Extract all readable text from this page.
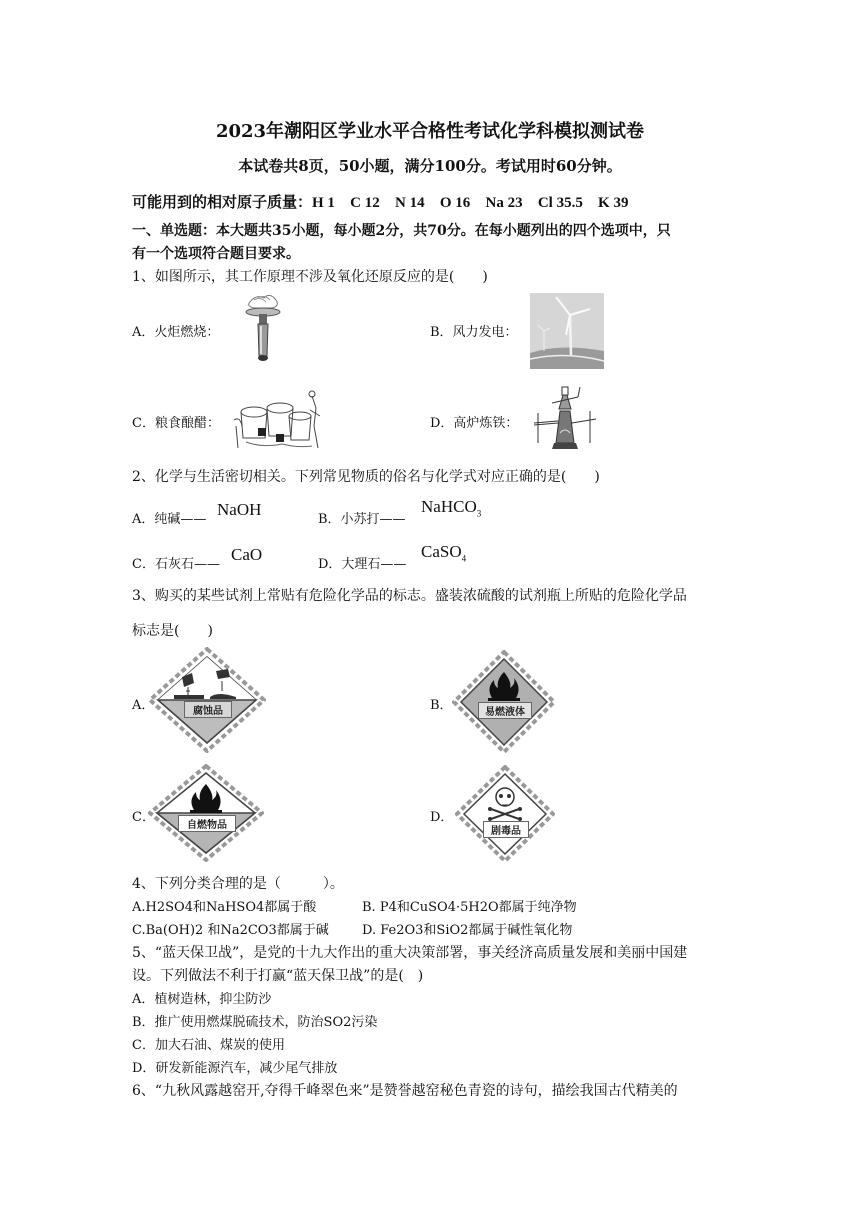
2023年潮阳区学业水平合格性考试化学科模拟测试卷
本试卷共8页，50小题，满分100分。考试用时60分钟。
可能用到的相对原子质量：H 1 C 12 N 14 O 16 Na 23 Cl 35.5 K 39
一、单选题：本大题共35小题，每小题2分，共70分。在每小题列出的四个选项中，只
有一个选项符合题目要求。
1、如图所示，其工作原理不涉及氧化还原反应的是(　　)
A．火炬燃烧：	B．风力发电：
C．粮食酿醋：	D．高炉炼铁：
2、化学与生活密切相关。下列常见物质的俗名与化学式对应正确的是(　　)
A．纯碱——
NaOH
B．小苏打——
NaHCO$_3$
C．石灰石——
CaO
D．大理石——
CaSO$_4$
3、购买的某些试剂上常贴有危险化学品的标志。盛装浓硫酸的试剂瓶上所贴的危险化学品
标志是(　　)
A．	B．
C．	D．
腐蚀品	易燃液体
自燃物品
剧毒品
4、下列分类合理的是（　　　）。
A.H2SO4和NaHSO4都属于酸	B. P4和CuSO4·5H2O都属于纯净物
C.Ba(OH)2 和Na2CO3都属于碱	D. Fe2O3和SiO2都属于碱性氧化物
5、“蓝天保卫战”，是党的十九大作出的重大决策部署，事关经济高质量发展和美丽中国建
设。下列做法不利于打赢“蓝天保卫战”的是(　)
A．植树造林，抑尘防沙
B．推广使用燃煤脱硫技术，防治SO2污染
C．加大石油、煤炭的使用
D．研发新能源汽车，减少尾气排放
6、“九秋风露越窑开,夺得千峰翠色来”是赞誉越窑秘色青瓷的诗句，描绘我国古代精美的
